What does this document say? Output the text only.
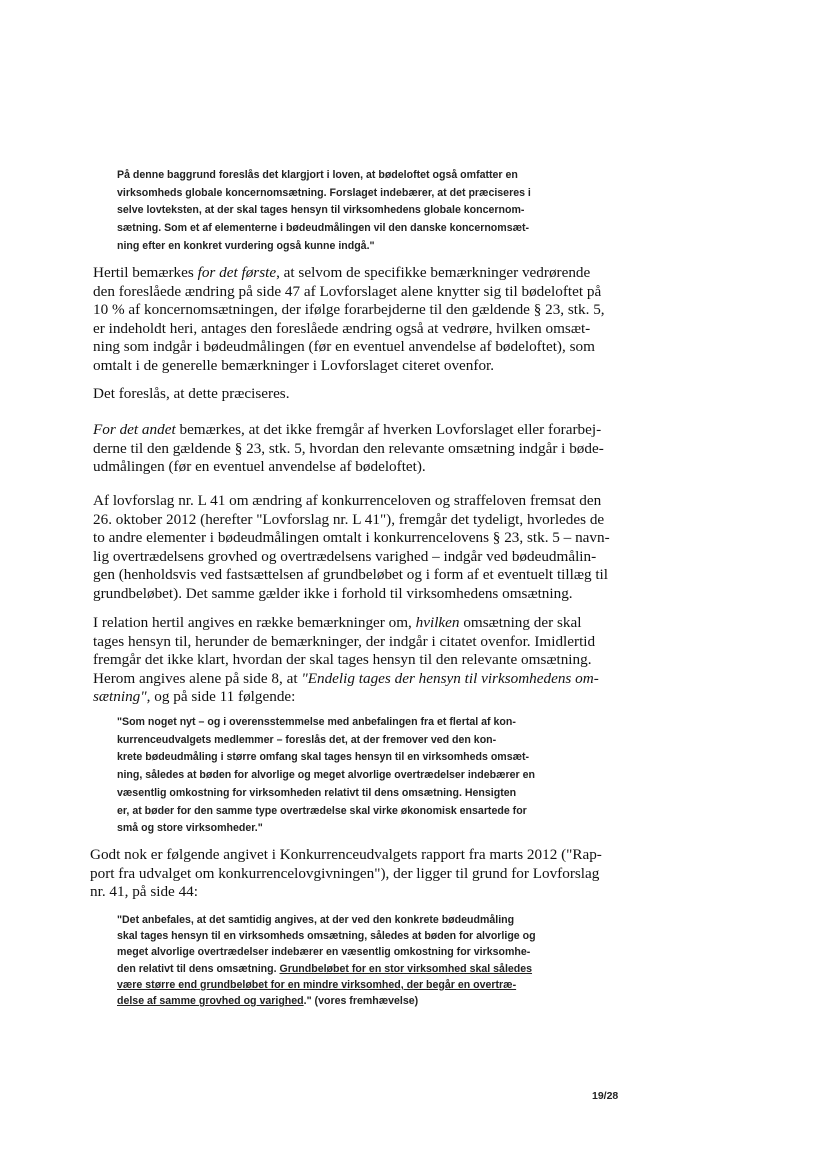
På denne baggrund foreslås det klargjort i loven, at bødeloftet også omfatter en
virksomheds globale koncernomsætning. Forslaget indebærer, at det præciseres i
selve lovteksten, at der skal tages hensyn til virksomhedens globale koncernom-
sætning. Som et af elementerne i bødeudmålingen vil den danske koncernomsæt-
ning efter en konkret vurdering også kunne indgå."
Hertil bemærkes for det første, at selvom de specifikke bemærkninger vedrørende
den foreslåede ændring på side 47 af Lovforslaget alene knytter sig til bødeloftet på
10 % af koncernomsætningen, der ifølge forarbejderne til den gældende § 23, stk. 5,
er indeholdt heri, antages den foreslåede ændring også at vedrøre, hvilken omsæt-
ning som indgår i bødeudmålingen (før en eventuel anvendelse af bødeloftet), som
omtalt i de generelle bemærkninger i Lovforslaget citeret ovenfor.
Det foreslås, at dette præciseres.
For det andet bemærkes, at det ikke fremgår af hverken Lovforslaget eller forarbej-
derne til den gældende § 23, stk. 5, hvordan den relevante omsætning indgår i bøde-
udmålingen (før en eventuel anvendelse af bødeloftet).
Af lovforslag nr. L 41 om ændring af konkurrenceloven og straffeloven fremsat den
26. oktober 2012 (herefter "Lovforslag nr. L 41"), fremgår det tydeligt, hvorledes de
to andre elementer i bødeudmålingen omtalt i konkurrencelovens § 23, stk. 5 – navn-
lig overtrædelsens grovhed og overtrædelsens varighed – indgår ved bødeudmålin-
gen (henholdsvis ved fastsættelsen af grundbeløbet og i form af et eventuelt tillæg til
grundbeløbet). Det samme gælder ikke i forhold til virksomhedens omsætning.
I relation hertil angives en række bemærkninger om, hvilken omsætning der skal
tages hensyn til, herunder de bemærkninger, der indgår i citatet ovenfor. Imidlertid
fremgår det ikke klart, hvordan der skal tages hensyn til den relevante omsætning.
Herom angives alene på side 8, at "Endelig tages der hensyn til virksomhedens om-
sætning", og på side 11 følgende:
"Som noget nyt – og i overensstemmelse med anbefalingen fra et flertal af kon-
kurrenceudvalgets medlemmer – foreslås det, at der fremover ved den kon-
krete bødeudmåling i større omfang skal tages hensyn til en virksomheds omsæt-
ning, således at bøden for alvorlige og meget alvorlige overtrædelser indebærer en
væsentlig omkostning for virksomheden relativt til dens omsætning. Hensigten
er, at bøder for den samme type overtrædelse skal virke økonomisk ensartede for
små og store virksomheder."
Godt nok er følgende angivet i Konkurrenceudvalgets rapport fra marts 2012 ("Rap-
port fra udvalget om konkurrencelovgivningen"), der ligger til grund for Lovforslag
nr. 41, på side 44:
"Det anbefales, at det samtidig angives, at der ved den konkrete bødeudmåling
skal tages hensyn til en virksomheds omsætning, således at bøden for alvorlige og
meget alvorlige overtrædelser indebærer en væsentlig omkostning for virksomhe-
den relativt til dens omsætning. Grundbeløbet for en stor virksomhed skal således
være større end grundbeløbet for en mindre virksomhed, der begår en overtræ-
delse af samme grovhed og varighed." (vores fremhævelse)
19/28
